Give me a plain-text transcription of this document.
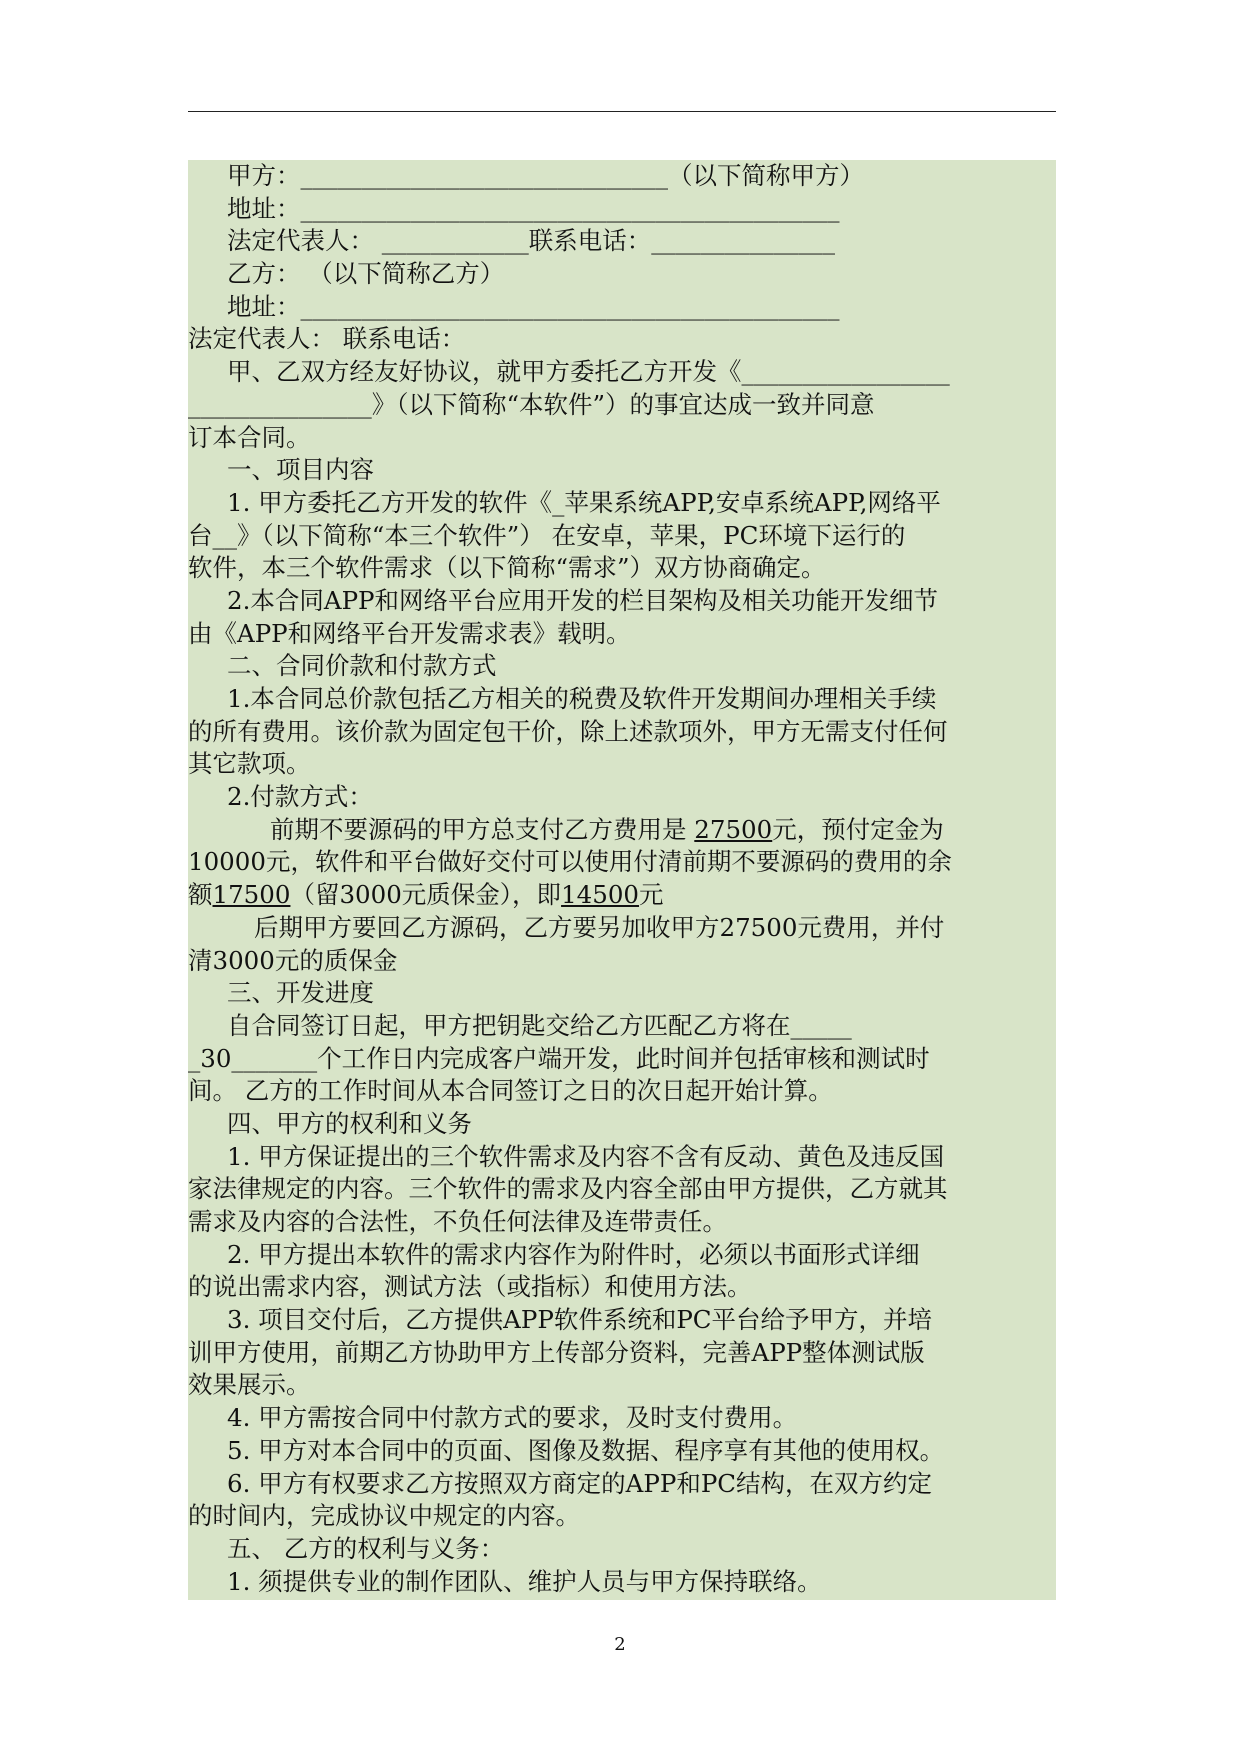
甲方：______________________________（以下简称甲方）
地址：____________________________________________
法定代表人： ____________联系电话：_______________
乙方： （以下简称乙方）
地址：____________________________________________
法定代表人： 联系电话：
甲、乙双方经友好协议，就甲方委托乙方开发《_________________
_______________》（以下简称“本软件”）的事宜达成一致并同意
订本合同。
一、项目内容
1. 甲方委托乙方开发的软件《_苹果系统APP,安卓系统APP,网络平
台__》（以下简称“本三个软件”） 在安卓，苹果，PC环境下运行的
软件，本三个软件需求（以下简称“需求”）双方协商确定。
2.本合同APP和网络平台应用开发的栏目架构及相关功能开发细节
由《APP和网络平台开发需求表》载明。
二、合同价款和付款方式
1.本合同总价款包括乙方相关的税费及软件开发期间办理相关手续
的所有费用。该价款为固定包干价，除上述款项外，甲方无需支付任何
其它款项。
2.付款方式：
前期不要源码的甲方总支付乙方费用是 27500元，预付定金为
10000元，软件和平台做好交付可以使用付清前期不要源码的费用的余
额17500（留3000元质保金），即14500元
后期甲方要回乙方源码，乙方要另加收甲方27500元费用，并付
清3000元的质保金
三、开发进度
自合同签订日起，甲方把钥匙交给乙方匹配乙方将在_____
_30_______个工作日内完成客户端开发，此时间并包括审核和测试时
间。 乙方的工作时间从本合同签订之日的次日起开始计算。
四、甲方的权利和义务
1. 甲方保证提出的三个软件需求及内容不含有反动、黄色及违反国
家法律规定的内容。三个软件的需求及内容全部由甲方提供，乙方就其
需求及内容的合法性，不负任何法律及连带责任。
2. 甲方提出本软件的需求内容作为附件时，必须以书面形式详细
的说出需求内容，测试方法（或指标）和使用方法。
3. 项目交付后，乙方提供APP软件系统和PC平台给予甲方，并培
训甲方使用，前期乙方协助甲方上传部分资料，完善APP整体测试版
效果展示。
4. 甲方需按合同中付款方式的要求，及时支付费用。
5. 甲方对本合同中的页面、图像及数据、程序享有其他的使用权。
6. 甲方有权要求乙方按照双方商定的APP和PC结构，在双方约定
的时间内，完成协议中规定的内容。
五、 乙方的权利与义务：
1. 须提供专业的制作团队、维护人员与甲方保持联络。
2
